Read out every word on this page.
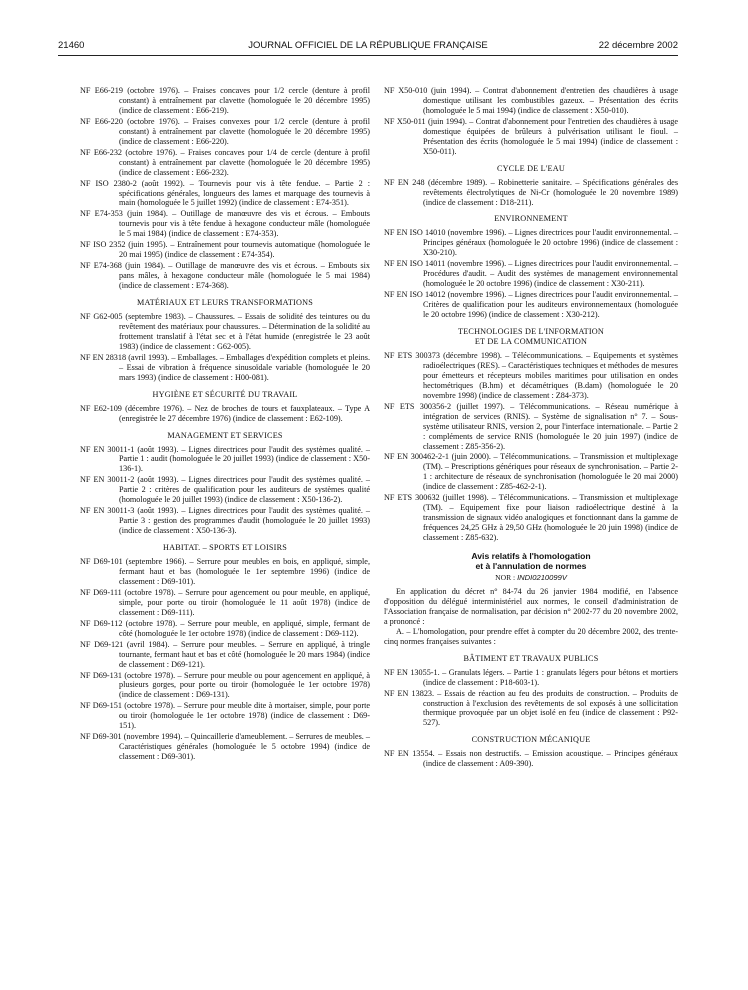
21460	JOURNAL OFFICIEL DE LA RÉPUBLIQUE FRANÇAISE	22 décembre 2002

NF E66-219 (octobre 1976). – Fraises concaves pour 1/2 cercle (denture à profil constant) à entraînement par clavette (homologuée le 20 décembre 1995) (indice de classement : E66-219).

NF E66-220 (octobre 1976). – Fraises convexes pour 1/2 cercle (denture à profil constant) à entraînement par clavette (homologuée le 20 décembre 1995) (indice de classement : E66-220).

NF E66-232 (octobre 1976). – Fraises concaves pour 1/4 de cercle (denture à profil constant) à entraînement par clavette (homologuée le 20 décembre 1995) (indice de classement : E66-232).

NF ISO 2380-2 (août 1992). – Tournevis pour vis à tête fendue. – Partie 2 : spécifications générales, longueurs des lames et marquage des tournevis à main (homologuée le 5 juillet 1992) (indice de classement : E74-351).

NF E74-353 (juin 1984). – Outillage de manœuvre des vis et écrous. – Embouts tournevis pour vis à tête fendue à hexagone conducteur mâle (homologuée le 5 mai 1984) (indice de classement : E74-353).

NF ISO 2352 (juin 1995). – Entraînement pour tournevis automatique (homologuée le 20 mai 1995) (indice de classement : E74-354).

NF E74-368 (juin 1984). – Outillage de manœuvre des vis et écrous. – Embouts six pans mâles, à hexagone conducteur mâle (homologuée le 5 mai 1984) (indice de classement : E74-368).

MATÉRIAUX ET LEURS TRANSFORMATIONS

NF G62-005 (septembre 1983). – Chaussures. – Essais de solidité des teintures ou du revêtement des matériaux pour chaussures. – Détermination de la solidité au frottement translatif à l'état sec et à l'état humide (enregistrée le 23 août 1983) (indice de classement : G62-005).

NF EN 28318 (avril 1993). – Emballages. – Emballages d'expédition complets et pleins. – Essai de vibration à fréquence sinusoïdale variable (homologuée le 20 mars 1993) (indice de classement : H00-081).

HYGIÈNE ET SÉCURITÉ DU TRAVAIL

NF E62-109 (décembre 1976). – Nez de broches de tours et fauxplateaux. – Type A (enregistrée le 27 décembre 1976) (indice de classement : E62-109).

MANAGEMENT ET SERVICES

NF EN 30011-1 (août 1993). – Lignes directrices pour l'audit des systèmes qualité. – Partie 1 : audit (homologuée le 20 juillet 1993) (indice de classement : X50-136-1).

NF EN 30011-2 (août 1993). – Lignes directrices pour l'audit des systèmes qualité. – Partie 2 : critères de qualification pour les auditeurs de systèmes qualité (homologuée le 20 juillet 1993) (indice de classement : X50-136-2).

NF EN 30011-3 (août 1993). – Lignes directrices pour l'audit des systèmes qualité. – Partie 3 : gestion des programmes d'audit (homologuée le 20 juillet 1993) (indice de classement : X50-136-3).

HABITAT. – SPORTS ET LOISIRS

NF D69-101 (septembre 1966). – Serrure pour meubles en bois, en appliqué, simple, fermant haut et bas (homologuée le 1er septembre 1996) (indice de classement : D69-101).

NF D69-111 (octobre 1978). – Serrure pour agencement ou pour meuble, en appliqué, simple, pour porte ou tiroir (homologuée le 11 août 1978) (indice de classement : D69-111).

NF D69-112 (octobre 1978). – Serrure pour meuble, en appliqué, simple, fermant de côté (homologuée le 1er octobre 1978) (indice de classement : D69-112).

NF D69-121 (avril 1984). – Serrure pour meubles. – Serrure en appliqué, à tringle tournante, fermant haut et bas et côté (homologuée le 20 mars 1984) (indice de classement : D69-121).

NF D69-131 (octobre 1978). – Serrure pour meuble ou pour agencement en appliqué, à plusieurs gorges, pour porte ou tiroir (homologuée le 1er octobre 1978) (indice de classement : D69-131).

NF D69-151 (octobre 1978). – Serrure pour meuble dite à mortaiser, simple, pour porte ou tiroir (homologuée le 1er octobre 1978) (indice de classement : D69-151).

NF D69-301 (novembre 1994). – Quincaillerie d'ameublement. – Serrures de meubles. – Caractéristiques générales (homologuée le 5 octobre 1994) (indice de classement : D69-301).

NF X50-010 (juin 1994). – Contrat d'abonnement d'entretien des chaudières à usage domestique utilisant les combustibles gazeux. – Présentation des écrits (homologuée le 5 mai 1994) (indice de classement : X50-010).

NF X50-011 (juin 1994). – Contrat d'abonnement pour l'entretien des chaudières à usage domestique équipées de brûleurs à pulvérisation utilisant le fioul. – Présentation des écrits (homologuée le 5 mai 1994) (indice de classement : X50-011).

CYCLE DE L'EAU

NF EN 248 (décembre 1989). – Robinetterie sanitaire. – Spécifications générales des revêtements électrolytiques de Ni-Cr (homologuée le 20 novembre 1989) (indice de classement : D18-211).

ENVIRONNEMENT

NF EN ISO 14010 (novembre 1996). – Lignes directrices pour l'audit environnemental. – Principes généraux (homologuée le 20 octobre 1996) (indice de classement : X30-210).

NF EN ISO 14011 (novembre 1996). – Lignes directrices pour l'audit environnemental. – Procédures d'audit. – Audit des systèmes de management environnemental (homologuée le 20 octobre 1996) (indice de classement : X30-211).

NF EN ISO 14012 (novembre 1996). – Lignes directrices pour l'audit environnemental. – Critères de qualification pour les auditeurs environnementaux (homologuée le 20 octobre 1996) (indice de classement : X30-212).

TECHNOLOGIES DE L'INFORMATION
ET DE LA COMMUNICATION

NF ETS 300373 (décembre 1998). – Télécommunications. – Equipements et systèmes radioélectriques (RES). – Caractéristiques techniques et méthodes de mesures pour émetteurs et récepteurs mobiles maritimes pour utilisation en ondes hectométriques (B.hm) et décamétriques (B.dam) (homologuée le 20 novembre 1998) (indice de classement : Z84-373).

NF ETS 300356-2 (juillet 1997). – Télécommunications. – Réseau numérique à intégration de services (RNIS). – Système de signalisation n° 7. – Sous-système utilisateur RNIS, version 2, pour l'interface internationale. – Partie 2 : compléments de service RNIS (homologuée le 20 juin 1997) (indice de classement : Z85-356-2).

NF EN 300462-2-1 (juin 2000). – Télécommunications. – Transmission et multiplexage (TM). – Prescriptions génériques pour réseaux de synchronisation. – Partie 2-1 : architecture de réseaux de synchronisation (homologuée le 20 mai 2000) (indice de classement : Z85-462-2-1).

NF ETS 300632 (juillet 1998). – Télécommunications. – Transmission et multiplexage (TM). – Equipement fixe pour liaison radioélectrique destiné à la transmission de signaux vidéo analogiques et fonctionnant dans la gamme de fréquences 24,25 GHz à 29,50 GHz (homologuée le 20 juin 1998) (indice de classement : Z85-632).

Avis relatifs à l'homologation
et à l'annulation de normes
NOR : INDI0210099V

En application du décret n° 84-74 du 26 janvier 1984 modifié, en l'absence d'opposition du délégué interministériel aux normes, le conseil d'administration de l'Association française de normalisation, par décision n° 2002-77 du 20 novembre 2002, a prononcé :

A. – L'homologation, pour prendre effet à compter du 20 décembre 2002, des trente-cinq normes françaises suivantes :

BÂTIMENT ET TRAVAUX PUBLICS

NF EN 13055-1. – Granulats légers. – Partie 1 : granulats légers pour bétons et mortiers (indice de classement : P18-603-1).

NF EN 13823. – Essais de réaction au feu des produits de construction. – Produits de construction à l'exclusion des revêtements de sol exposés à une sollicitation thermique provoquée par un objet isolé en feu (indice de classement : P92-527).

CONSTRUCTION MÉCANIQUE

NF EN 13554. – Essais non destructifs. – Emission acoustique. – Principes généraux (indice de classement : A09-390).
